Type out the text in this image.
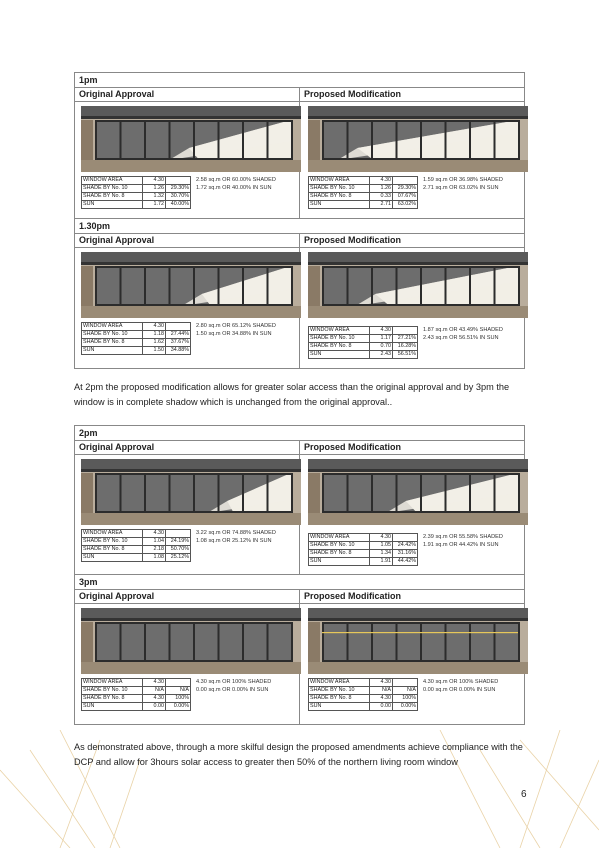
1pm
Original Approval	Proposed Modification
WINDOW AREA	4.30	
SHADE BY No. 10	1.26	29.30%
SHADE BY No. 8	1.32	30.70%
SUN	1.72	40.00%
2.58 sq.m OR 60.00% SHADED
1.72 sq.m OR 40.00% IN SUN
WINDOW AREA	4.30	
SHADE BY No. 10	1.26	29.30%
SHADE BY No. 8	0.33	07.67%
SUN	2.71	63.02%
1.59 sq.m OR 36.98% SHADED
2.71 sq.m OR 63.02% IN SUN
1.30pm
Original Approval	Proposed Modification
WINDOW AREA	4.30	
SHADE BY No. 10	1.18	27.44%
SHADE BY No. 8	1.62	37.67%
SUN	1.50	34.88%
2.80 sq.m OR 65.12% SHADED
1.50 sq.m OR 34.88% IN SUN
WINDOW AREA	4.30	
SHADE BY No. 10	1.17	27.21%
SHADE BY No. 8	0.70	16.28%
SUN	2.43	56.51%
1.87 sq.m OR 43.49% SHADED
2.43 sq.m OR 56.51% IN SUN
At 2pm the proposed modification allows for greater solar access than the original approval and by 3pm the window is in complete shadow which is unchanged from the original approval..
2pm
Original Approval	Proposed Modification
WINDOW AREA	4.30	
SHADE BY No. 10	1.04	24.19%
SHADE BY No. 8	2.18	50.70%
SUN	1.08	25.12%
3.22 sq.m OR 74.88% SHADED
1.08 sq.m OR 25.12% IN SUN
WINDOW AREA	4.30	
SHADE BY No. 10	1.05	24.42%
SHADE BY No. 8	1.34	31.16%
SUN	1.91	44.42%
2.39 sq.m OR 55.58% SHADED
1.91 sq.m OR 44.42% IN SUN
3pm
Original Approval	Proposed Modification
WINDOW AREA	4.30	
SHADE BY No. 10	N/A	N/A
SHADE BY No. 8	4.30	100%
SUN	0.00	0.00%
4.30 sq.m OR 100% SHADED
0.00 sq.m OR 0.00% IN SUN
WINDOW AREA	4.30	
SHADE BY No. 10	N/A	N/A
SHADE BY No. 8	4.30	100%
SUN	0.00	0.00%
4.30 sq.m OR 100% SHADED
0.00 sq.m OR 0.00% IN SUN
As demonstrated above, through a more skilful design the proposed amendments achieve compliance with the DCP and allow for 3hours solar access to greater then 50% of the northern living room window
6
